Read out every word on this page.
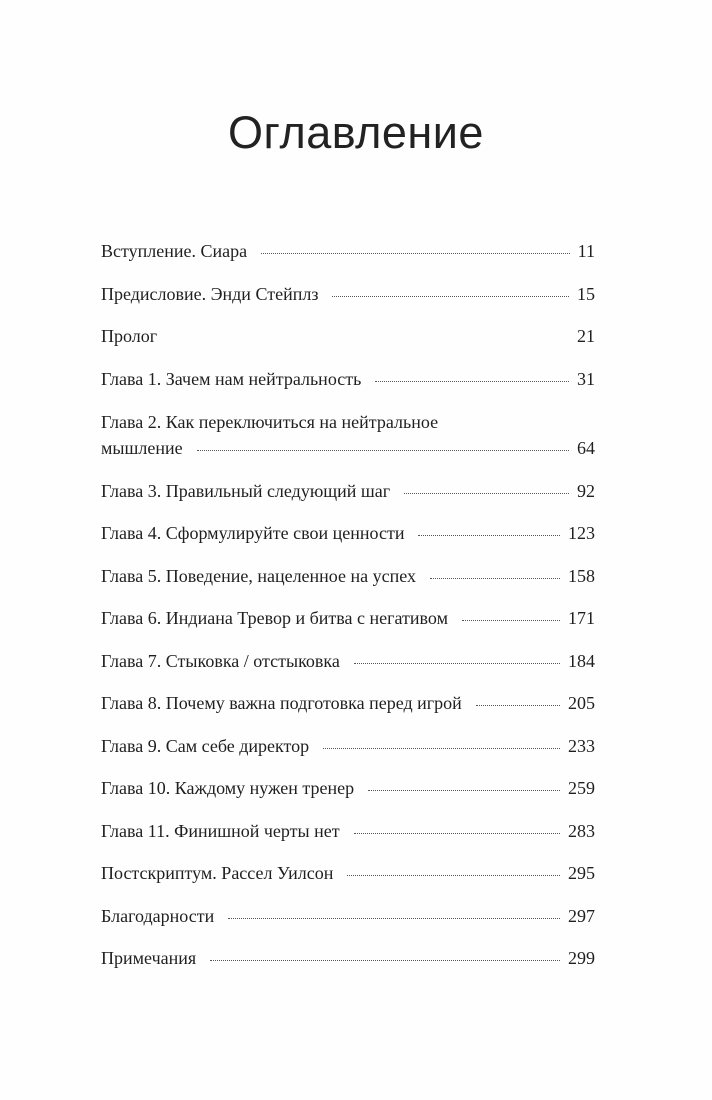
Оглавление
Вступление. Сиара	11
Предисловие. Энди Стейплз	15
Пролог	21
Глава 1. Зачем нам нейтральность	31
Глава 2. Как переключиться на нейтральное
мышление	64
Глава 3. Правильный следующий шаг	92
Глава 4. Сформулируйте свои ценности	123
Глава 5. Поведение, нацеленное на успех	158
Глава 6. Индиана Тревор и битва с негативом	171
Глава 7. Стыковка / отстыковка	184
Глава 8. Почему важна подготовка перед игрой	205
Глава 9. Сам себе директор	233
Глава 10. Каждому нужен тренер	259
Глава 11. Финишной черты нет	283
Постскриптум. Рассел Уилсон	295
Благодарности	297
Примечания	299
